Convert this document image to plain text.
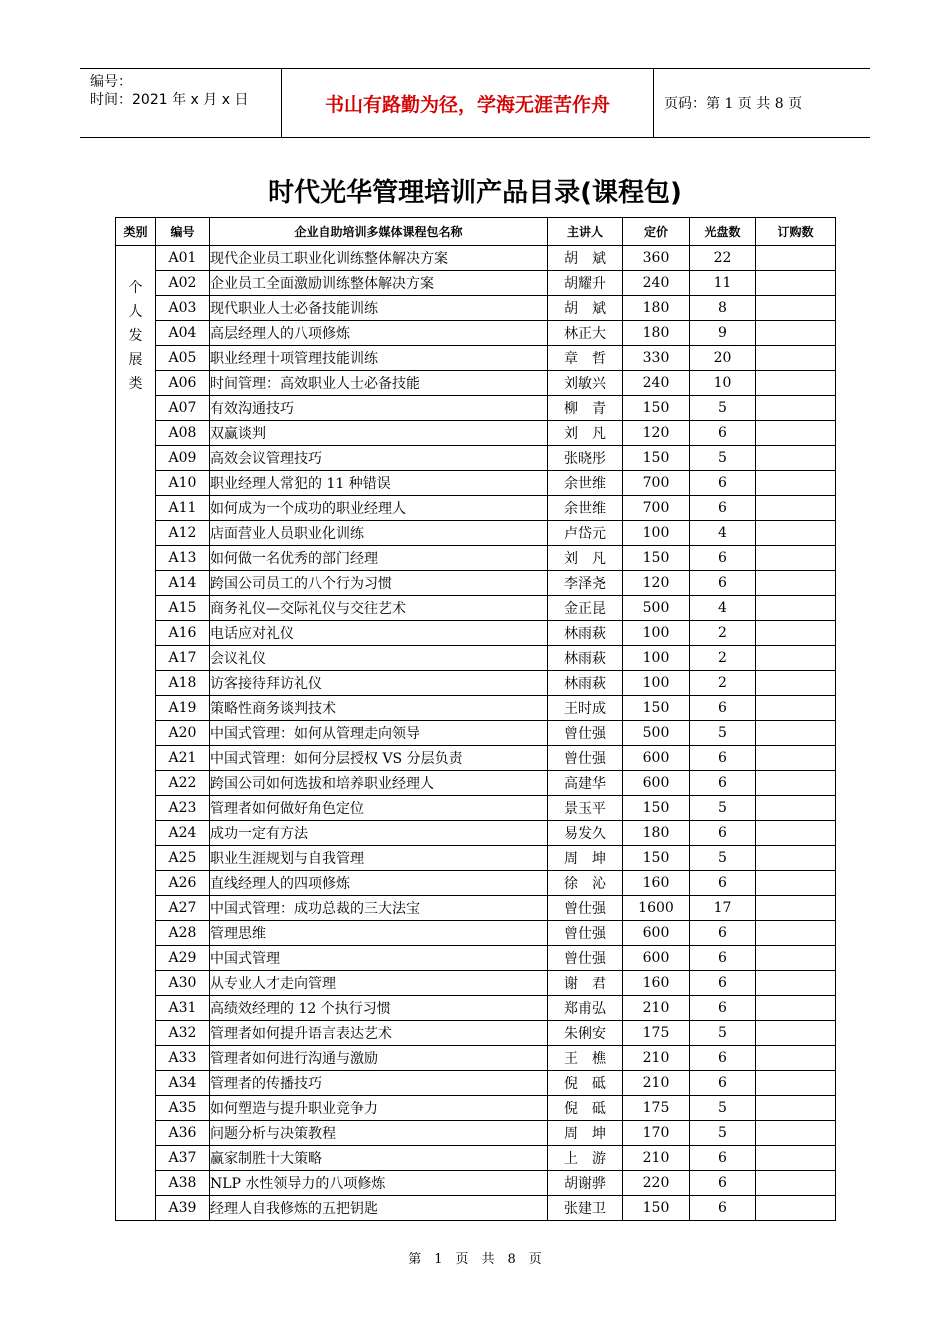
编号：
时间：2021 年 x 月 x 日	书山有路勤为径，学海无涯苦作舟	页码：第 1 页 共 8 页
时代光华管理培训产品目录(课程包)
类别	编号	企业自助培训多媒体课程包名称	主讲人	定价	光盘数	订购数
个人发展类	A01	现代企业员工职业化训练整体解决方案	胡　斌	360	22	
	A02	企业员工全面激励训练整体解决方案	胡耀升	240	11	
	A03	现代职业人士必备技能训练	胡　斌	180	8	
	A04	高层经理人的八项修炼	林正大	180	9	
	A05	职业经理十项管理技能训练	章　哲	330	20	
	A06	时间管理：高效职业人士必备技能	刘敏兴	240	10	
	A07	有效沟通技巧	柳　青	150	5	
	A08	双赢谈判	刘　凡	120	6	
	A09	高效会议管理技巧	张晓彤	150	5	
	A10	职业经理人常犯的 11 种错误	余世维	700	6	
	A11	如何成为一个成功的职业经理人	余世维	700	6	
	A12	店面营业人员职业化训练	卢岱元	100	4	
	A13	如何做一名优秀的部门经理	刘　凡	150	6	
	A14	跨国公司员工的八个行为习惯	李泽尧	120	6	
	A15	商务礼仪—交际礼仪与交往艺术	金正昆	500	4	
	A16	电话应对礼仪	林雨萩	100	2	
	A17	会议礼仪	林雨萩	100	2	
	A18	访客接待拜访礼仪	林雨萩	100	2	
	A19	策略性商务谈判技术	王时成	150	6	
	A20	中国式管理：如何从管理走向领导	曾仕强	500	5	
	A21	中国式管理：如何分层授权 VS 分层负责	曾仕强	600	6	
	A22	跨国公司如何选拔和培养职业经理人	高建华	600	6	
	A23	管理者如何做好角色定位	景玉平	150	5	
	A24	成功一定有方法	易发久	180	6	
	A25	职业生涯规划与自我管理	周　坤	150	5	
	A26	直线经理人的四项修炼	徐　沁	160	6	
	A27	中国式管理：成功总裁的三大法宝	曾仕强	1600	17	
	A28	管理思维	曾仕强	600	6	
	A29	中国式管理	曾仕强	600	6	
	A30	从专业人才走向管理	谢　君	160	6	
	A31	高绩效经理的 12 个执行习惯	郑甫弘	210	6	
	A32	管理者如何提升语言表达艺术	朱俐安	175	5	
	A33	管理者如何进行沟通与激励	王　樵	210	6	
	A34	管理者的传播技巧	倪　砥	210	6	
	A35	如何塑造与提升职业竞争力	倪　砥	175	5	
	A36	问题分析与决策教程	周　坤	170	5	
	A37	赢家制胜十大策略	上　游	210	6	
	A38	NLP 水性领导力的八项修炼	胡谢骅	220	6	
	A39	经理人自我修炼的五把钥匙	张建卫	150	6	
第　1　页　共　8　页
